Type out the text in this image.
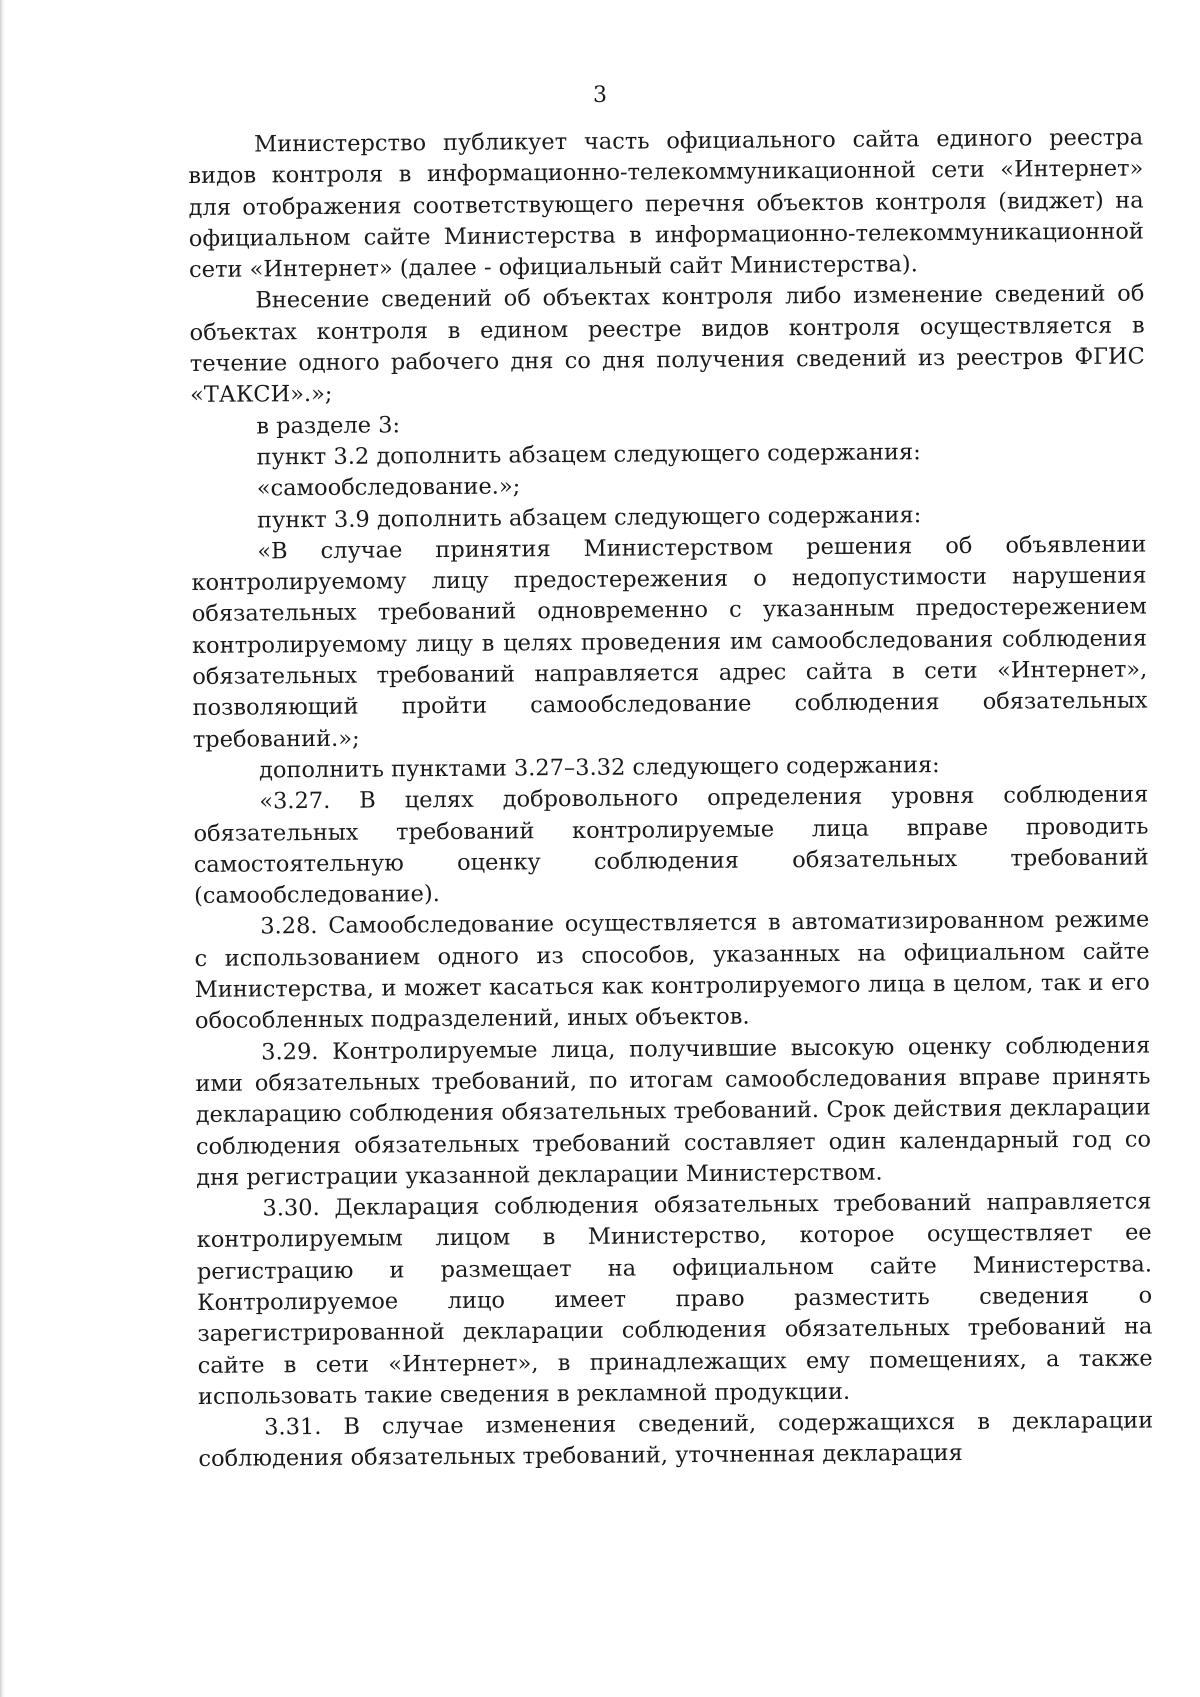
3

Министерство публикует часть официального сайта единого реестра видов контроля в информационно-телекоммуникационной сети «Интернет» для отображения соответствующего перечня объектов контроля (виджет) на официальном сайте Министерства в информационно-телекоммуникационной сети «Интернет» (далее - официальный сайт Министерства).

Внесение сведений об объектах контроля либо изменение сведений об объектах контроля в едином реестре видов контроля осуществляется в течение одного рабочего дня со дня получения сведений из реестров ФГИС «ТАКСИ».»;

в разделе 3:

пункт 3.2 дополнить абзацем следующего содержания:

«самообследование.»;

пункт 3.9 дополнить абзацем следующего содержания:

«В случае принятия Министерством решения об объявлении контролируемому лицу предостережения о недопустимости нарушения обязательных требований одновременно с указанным предостережением контролируемому лицу в целях проведения им самообследования соблюдения обязательных требований направляется адрес сайта в сети «Интернет», позволяющий пройти самообследование соблюдения обязательных требований.»;

дополнить пунктами 3.27–3.32 следующего содержания:

«3.27. В целях добровольного определения уровня соблюдения обязательных требований контролируемые лица вправе проводить самостоятельную оценку соблюдения обязательных требований (самообследование).

3.28. Самообследование осуществляется в автоматизированном режиме с использованием одного из способов, указанных на официальном сайте Министерства, и может касаться как контролируемого лица в целом, так и его обособленных подразделений, иных объектов.

3.29. Контролируемые лица, получившие высокую оценку соблюдения ими обязательных требований, по итогам самообследования вправе принять декларацию соблюдения обязательных требований. Срок действия декларации соблюдения обязательных требований составляет один календарный год со дня регистрации указанной декларации Министерством.

3.30. Декларация соблюдения обязательных требований направляется контролируемым лицом в Министерство, которое осуществляет ее регистрацию и размещает на официальном сайте Министерства. Контролируемое лицо имеет право разместить сведения о зарегистрированной декларации соблюдения обязательных требований на сайте в сети «Интернет», в принадлежащих ему помещениях, а также использовать такие сведения в рекламной продукции.

3.31. В случае изменения сведений, содержащихся в декларации соблюдения обязательных требований, уточненная декларация
